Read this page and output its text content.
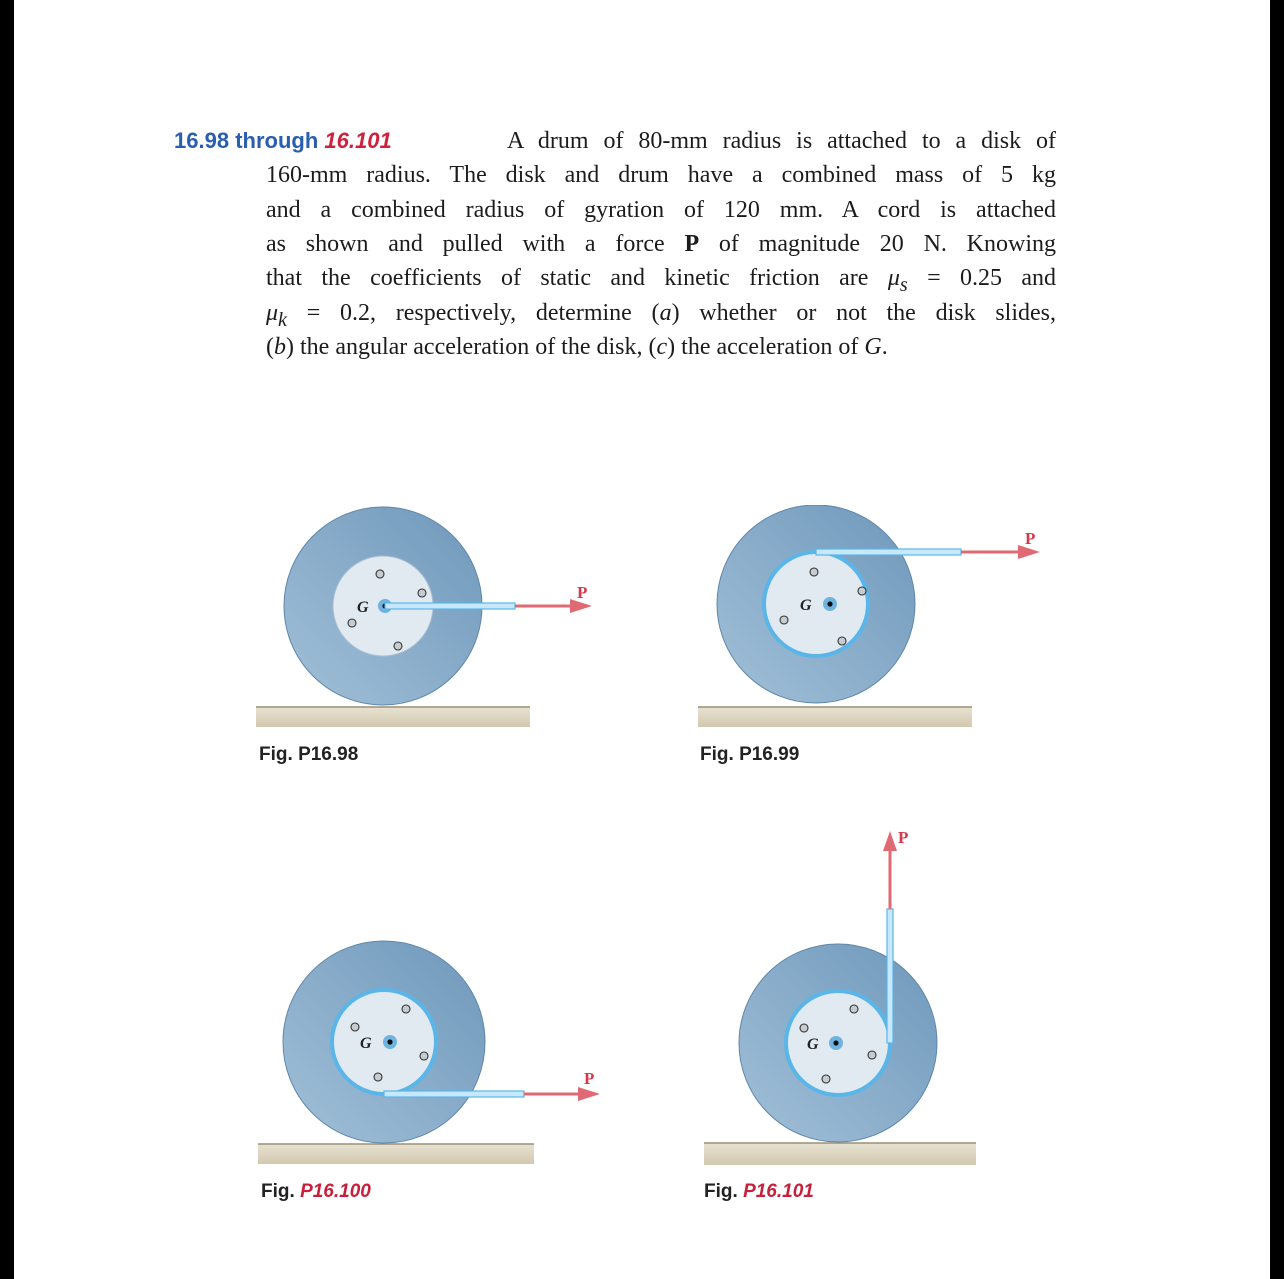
16.98 through 16.101	A drum of 80-mm radius is attached to a disk of
160-mm radius. The disk and drum have a combined mass of 5 kg
and a combined radius of gyration of 120 mm. A cord is attached
as shown and pulled with a force P of magnitude 20 N. Knowing
that the coefficients of static and kinetic friction are $\mu_s = 0.25$ and
$\mu_k = 0.2$, respectively, determine (a) whether or not the disk slides,
(b) the angular acceleration of the disk, (c) the acceleration of G.
G
P
Fig. P16.98
G
P
Fig. P16.99
G
P
Fig. P16.100
G
P
Fig. P16.101
